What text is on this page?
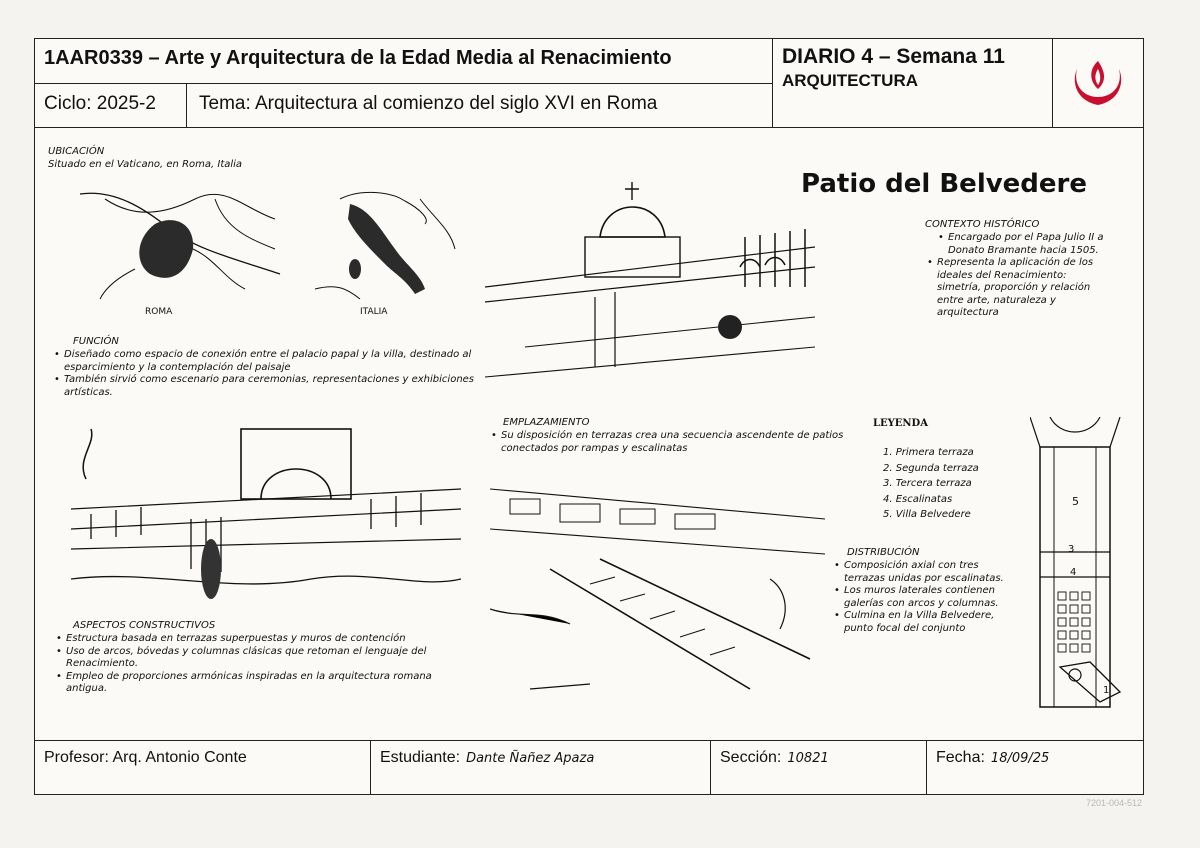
1AAR0339 – Arte y Arquitectura de la Edad Media al Renacimiento
Ciclo: 2025-2	Tema: Arquitectura al comienzo del siglo XVI en Roma
DIARIO 4 – Semana 11
ARQUITECTURA
UBICACIÓN
Situado en el Vaticano, en Roma, Italia
ROMA	ITALIA
FUNCIÓN
• Diseñado como espacio de conexión entre el palacio papal y la villa, destinado al esparcimiento y la contemplación del paisaje
• También sirvió como escenario para ceremonias, representaciones y exhibiciones artísticas.
ASPECTOS CONSTRUCTIVOS
• Estructura basada en terrazas superpuestas y muros de contención
• Uso de arcos, bóvedas y columnas clásicas que retoman el lenguaje del Renacimiento.
• Empleo de proporciones armónicas inspiradas en la arquitectura romana antigua.
Patio del Belvedere
CONTEXTO HISTÓRICO
• Encargado por el Papa Julio II a Donato Bramante hacia 1505.
• Representa la aplicación de los ideales del Renacimiento: simetría, proporción y relación entre arte, naturaleza y arquitectura
EMPLAZAMIENTO
• Su disposición en terrazas crea una secuencia ascendente de patios conectados por rampas y escalinatas
LEYENDA
1. Primera terraza
2. Segunda terraza
3. Tercera terraza
4. Escalinatas
5. Villa Belvedere
5
3
4
1
DISTRIBUCIÓN
• Composición axial con tres terrazas unidas por escalinatas.
• Los muros laterales contienen galerías con arcos y columnas.
• Culmina en la Villa Belvedere, punto focal del conjunto
Profesor: Arq. Antonio Conte	Estudiante: Dante Ñañez Apaza	Sección: 10821	Fecha: 18/09/25
7201-004-512
